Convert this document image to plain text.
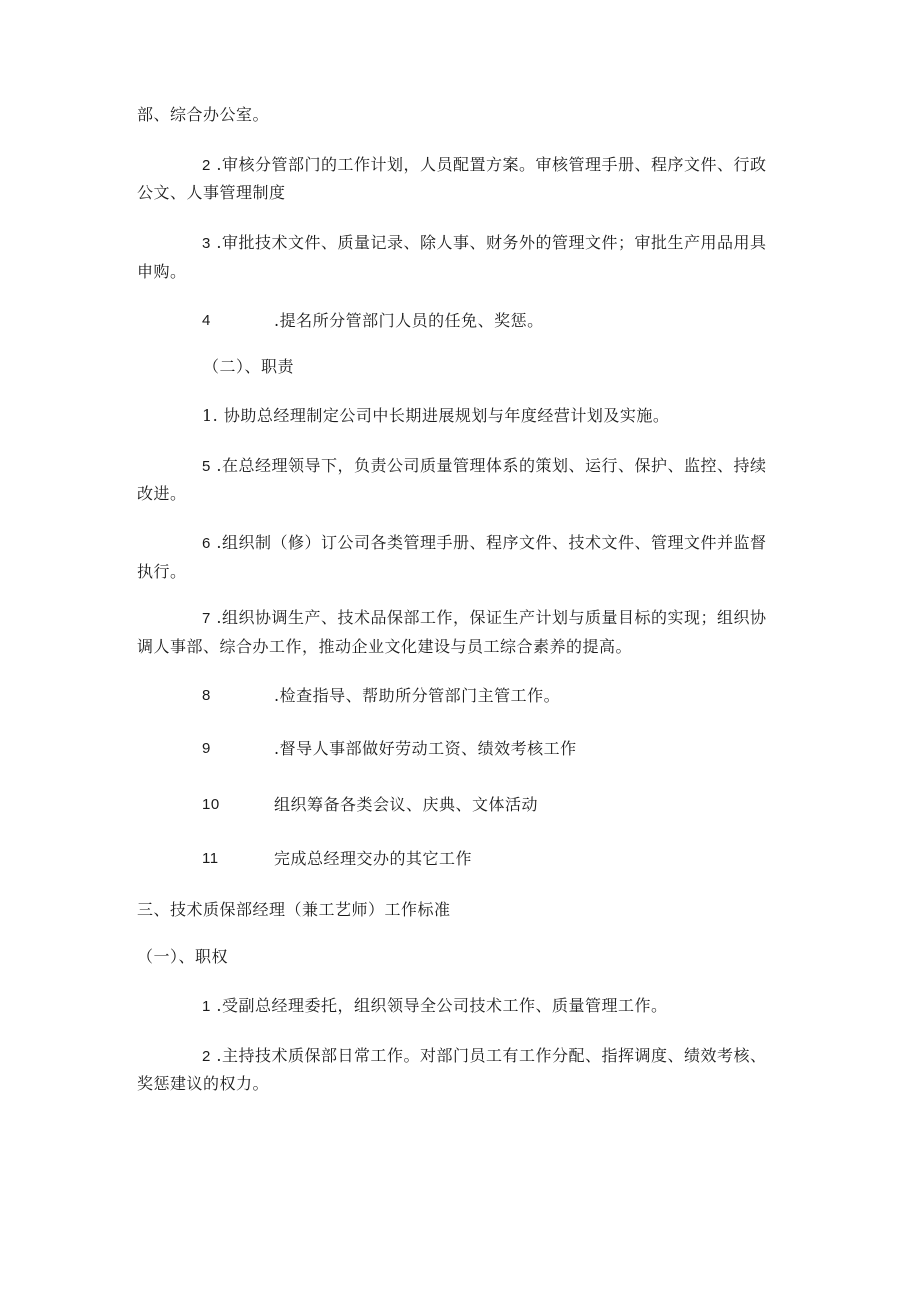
部、综合办公室。
2 .审核分管部门的工作计划，人员配置方案。审核管理手册、程序文件、行政
公文、人事管理制度
3 .审批技术文件、质量记录、除人事、财务外的管理文件；审批生产用品用具
申购。
4	.提名所分管部门人员的任免、奖惩。
（二）、职责
1. 协助总经理制定公司中长期进展规划与年度经营计划及实施。
5 .在总经理领导下，负责公司质量管理体系的策划、运行、保护、监控、持续
改进。
6 .组织制（修）订公司各类管理手册、程序文件、技术文件、管理文件并监督
执行。
7 .组织协调生产、技术品保部工作，保证生产计划与质量目标的实现；组织协
调人事部、综合办工作，推动企业文化建设与员工综合素养的提高。
8	.检查指导、帮助所分管部门主管工作。
9	.督导人事部做好劳动工资、绩效考核工作
10	组织筹备各类会议、庆典、文体活动
11	完成总经理交办的其它工作
三、技术质保部经理（兼工艺师）工作标准
（一）、职权
1 .受副总经理委托，组织领导全公司技术工作、质量管理工作。
2 .主持技术质保部日常工作。对部门员工有工作分配、指挥调度、绩效考核、
奖惩建议的权力。
